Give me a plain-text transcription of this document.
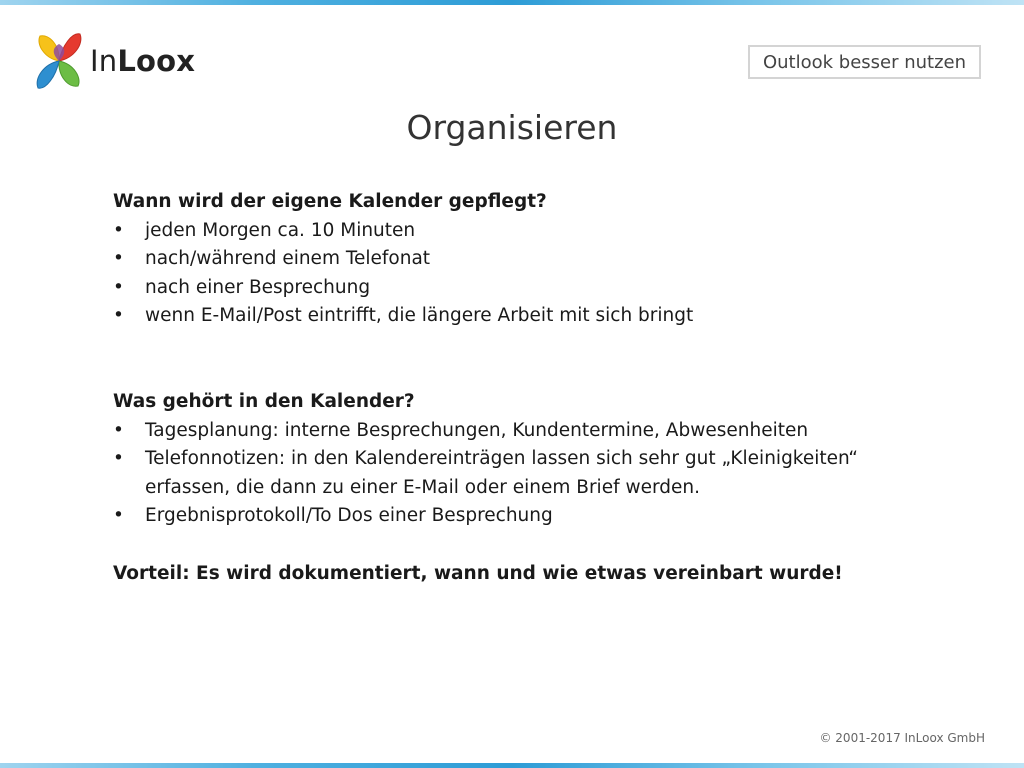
InLoox	Outlook besser nutzen
Organisieren
Wann wird der eigene Kalender gepflegt?
• jeden Morgen ca. 10 Minuten
• nach/während einem Telefonat
• nach einer Besprechung
• wenn E-Mail/Post eintrifft, die längere Arbeit mit sich bringt
Was gehört in den Kalender?
• Tagesplanung: interne Besprechungen, Kundentermine, Abwesenheiten
• Telefonnotizen: in den Kalendereinträgen lassen sich sehr gut „Kleinigkeiten“ erfassen, die dann zu einer E-Mail oder einem Brief werden.
• Ergebnisprotokoll/To Dos einer Besprechung
Vorteil: Es wird dokumentiert, wann und wie etwas vereinbart wurde!
© 2001-2017 InLoox GmbH
